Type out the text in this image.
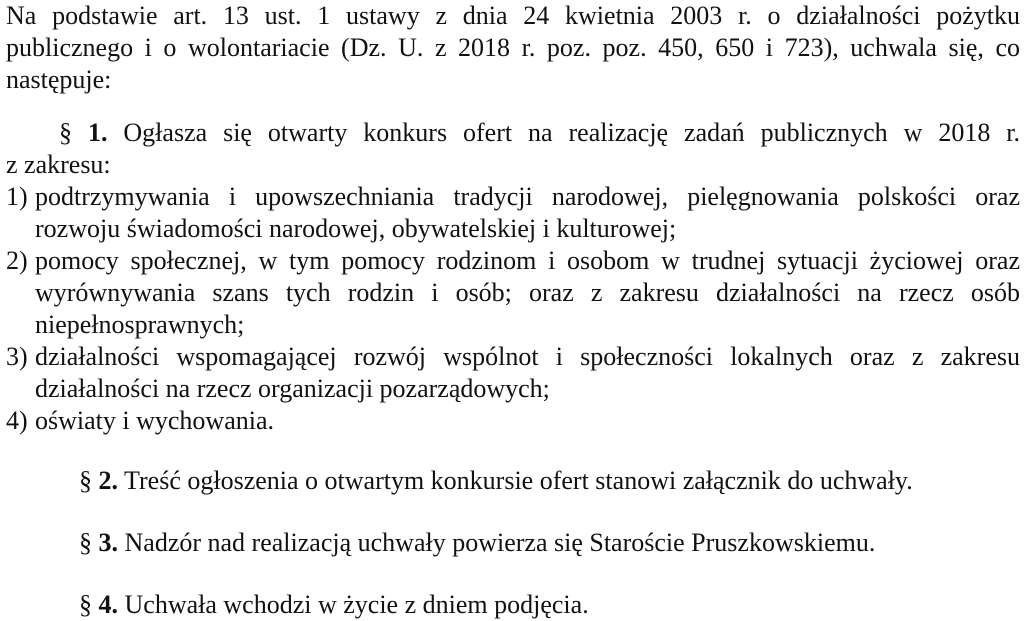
Na podstawie art. 13 ust. 1 ustawy z dnia 24 kwietnia 2003 r. o działalności pożytku
publicznego i o wolontariacie (Dz. U. z 2018 r. poz. poz. 450, 650 i 723), uchwala się, co
następuje:
§ 1. Ogłasza się otwarty konkurs ofert na realizację zadań publicznych w 2018 r.
z zakresu:
1) podtrzymywania i upowszechniania tradycji narodowej, pielęgnowania polskości oraz
rozwoju świadomości narodowej, obywatelskiej i kulturowej;
2) pomocy społecznej, w tym pomocy rodzinom i osobom w trudnej sytuacji życiowej oraz
wyrównywania szans tych rodzin i osób; oraz z zakresu działalności na rzecz osób
niepełnosprawnych;
3) działalności wspomagającej rozwój wspólnot i społeczności lokalnych oraz z zakresu
działalności na rzecz organizacji pozarządowych;
4) oświaty i wychowania.
§ 2. Treść ogłoszenia o otwartym konkursie ofert stanowi załącznik do uchwały.
§ 3. Nadzór nad realizacją uchwały powierza się Staroście Pruszkowskiemu.
§ 4. Uchwała wchodzi w życie z dniem podjęcia.
